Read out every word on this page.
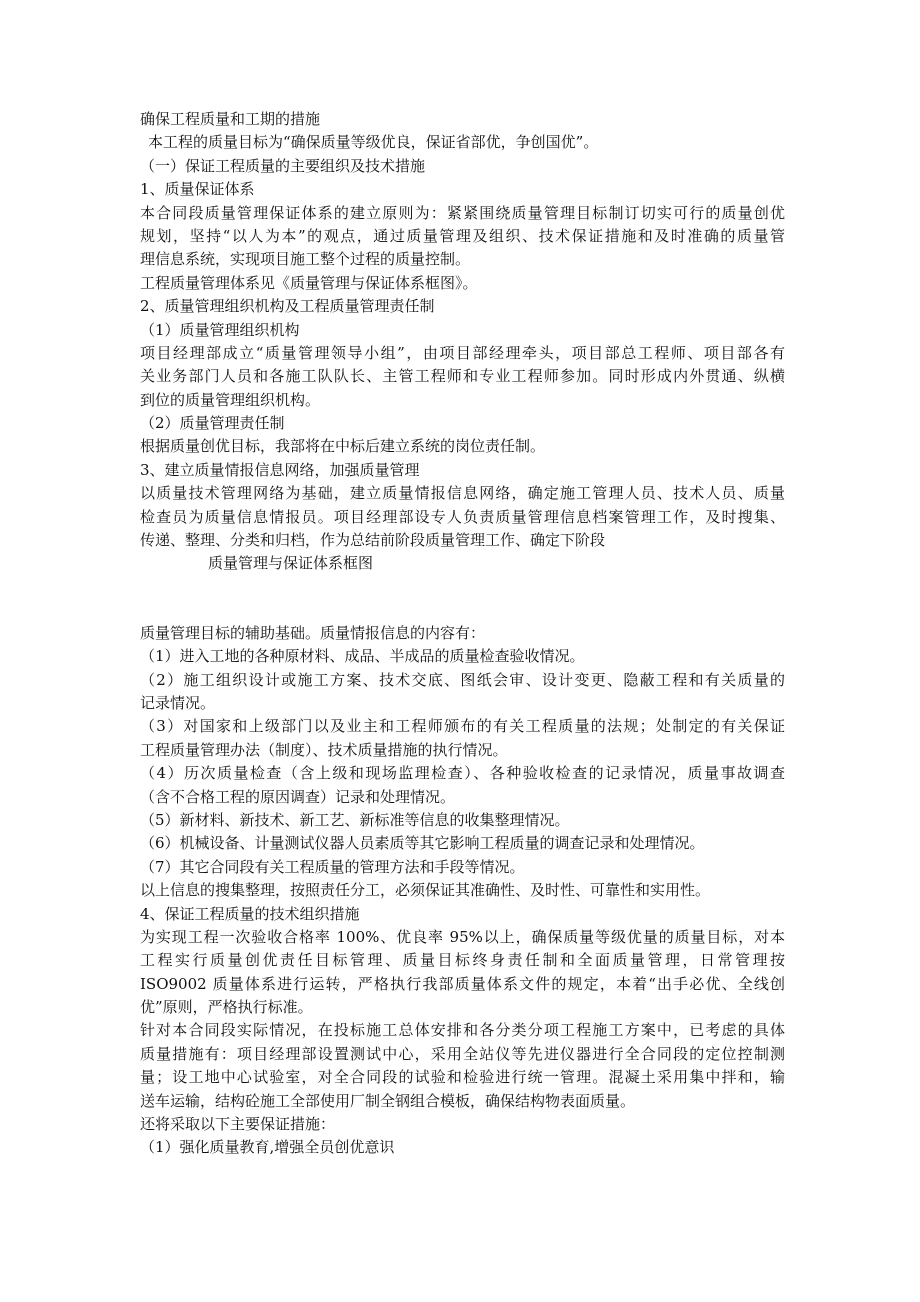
确保工程质量和工期的措施
本工程的质量目标为“确保质量等级优良，保证省部优，争创国优”。
（一）保证工程质量的主要组织及技术措施
1、质量保证体系
本合同段质量管理保证体系的建立原则为：紧紧围绕质量管理目标制订切实可行的质量创优
规划，坚持“以人为本”的观点，通过质量管理及组织、技术保证措施和及时准确的质量管
理信息系统，实现项目施工整个过程的质量控制。
工程质量管理体系见《质量管理与保证体系框图》。
2、质量管理组织机构及工程质量管理责任制
（1）质量管理组织机构
项目经理部成立“质量管理领导小组”，由项目部经理牵头，项目部总工程师、项目部各有
关业务部门人员和各施工队队长、主管工程师和专业工程师参加。同时形成内外贯通、纵横
到位的质量管理组织机构。
（2）质量管理责任制
根据质量创优目标，我部将在中标后建立系统的岗位责任制。
3、建立质量情报信息网络，加强质量管理
以质量技术管理网络为基础，建立质量情报信息网络，确定施工管理人员、技术人员、质量
检查员为质量信息情报员。项目经理部设专人负责质量管理信息档案管理工作，及时搜集、
传递、整理、分类和归档，作为总结前阶段质量管理工作、确定下阶段
质量管理与保证体系框图
质量管理目标的辅助基础。质量情报信息的内容有：
（1）进入工地的各种原材料、成品、半成品的质量检查验收情况。
（2）施工组织设计或施工方案、技术交底、图纸会审、设计变更、隐蔽工程和有关质量的
记录情况。
（3）对国家和上级部门以及业主和工程师颁布的有关工程质量的法规；处制定的有关保证
工程质量管理办法（制度）、技术质量措施的执行情况。
（4）历次质量检查（含上级和现场监理检查）、各种验收检查的记录情况，质量事故调查
（含不合格工程的原因调查）记录和处理情况。
（5）新材料、新技术、新工艺、新标准等信息的收集整理情况。
（6）机械设备、计量测试仪器人员素质等其它影响工程质量的调查记录和处理情况。
（7）其它合同段有关工程质量的管理方法和手段等情况。
以上信息的搜集整理，按照责任分工，必须保证其准确性、及时性、可靠性和实用性。
4、保证工程质量的技术组织措施
为实现工程一次验收合格率 100%、优良率 95%以上，确保质量等级优量的质量目标，对本
工程实行质量创优责任目标管理、质量目标终身责任制和全面质量管理，日常管理按
ISO9002 质量体系进行运转，严格执行我部质量体系文件的规定，本着“出手必优、全线创
优”原则，严格执行标准。
针对本合同段实际情况，在投标施工总体安排和各分类分项工程施工方案中，已考虑的具体
质量措施有：项目经理部设置测试中心，采用全站仪等先进仪器进行全合同段的定位控制测
量；设工地中心试验室，对全合同段的试验和检验进行统一管理。混凝土采用集中拌和，输
送车运输，结构砼施工全部使用厂制全钢组合模板，确保结构物表面质量。
还将采取以下主要保证措施：
（1）强化质量教育,增强全员创优意识
